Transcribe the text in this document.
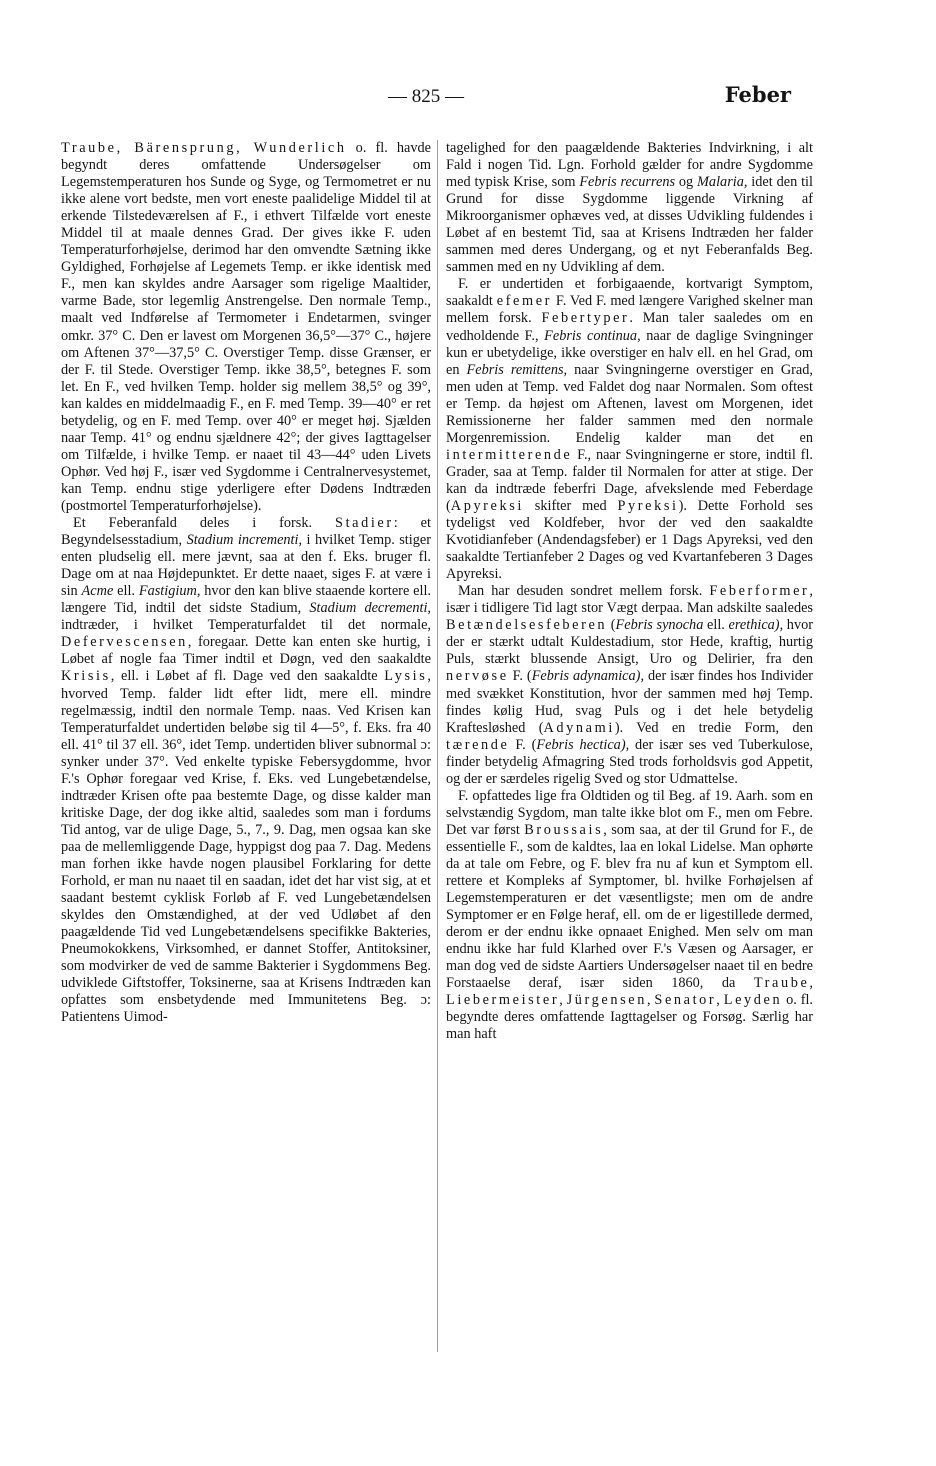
— 825 —	Feber

Traube, Bärensprung, Wunderlich o. fl. havde begyndt deres omfattende Undersøgelser om Legemstemperaturen hos Sunde og Syge, og Termometret er nu ikke alene vort bedste, men vort eneste paalidelige Middel til at erkende Tilstedeværelsen af F., i ethvert Tilfælde vort eneste Middel til at maale dennes Grad. Der gives ikke F. uden Temperaturforhøjelse, derimod har den omvendte Sætning ikke Gyldighed, Forhøjelse af Legemets Temp. er ikke identisk med F., men kan skyldes andre Aarsager som rigelige Maaltider, varme Bade, stor legemlig Anstrengelse. Den normale Temp., maalt ved Indførelse af Termometer i Endetarmen, svinger omkr. 37° C. Den er lavest om Morgenen 36,5°—37° C., højere om Aftenen 37°—37,5° C. Overstiger Temp. disse Grænser, er der F. til Stede. Overstiger Temp. ikke 38,5°, betegnes F. som let. En F., ved hvilken Temp. holder sig mellem 38,5° og 39°, kan kaldes en middelmaadig F., en F. med Temp. 39—40° er ret betydelig, og en F. med Temp. over 40° er meget høj. Sjælden naar Temp. 41° og endnu sjældnere 42°; der gives Iagttagelser om Tilfælde, i hvilke Temp. er naaet til 43—44° uden Livets Ophør. Ved høj F., især ved Sygdomme i Centralnervesystemet, kan Temp. endnu stige yderligere efter Dødens Indtræden (postmortel Temperaturforhøjelse).

Et Feberanfald deles i forsk. Stadier: et Begyndelsesstadium, Stadium incrementi, i hvilket Temp. stiger enten pludselig ell. mere jævnt, saa at den f. Eks. bruger fl. Dage om at naa Højdepunktet. Er dette naaet, siges F. at være i sin Acme ell. Fastigium, hvor den kan blive staaende kortere ell. længere Tid, indtil det sidste Stadium, Stadium decrementi, indtræder, i hvilket Temperaturfaldet til det normale, Defervescensen, foregaar. Dette kan enten ske hurtig, i Løbet af nogle faa Timer indtil et Døgn, ved den saakaldte Krisis, ell. i Løbet af fl. Dage ved den saakaldte Lysis, hvorved Temp. falder lidt efter lidt, mere ell. mindre regelmæssig, indtil den normale Temp. naas. Ved Krisen kan Temperaturfaldet undertiden beløbe sig til 4—5°, f. Eks. fra 40 ell. 41° til 37 ell. 36°, idet Temp. undertiden bliver subnormal ɔ: synker under 37°. Ved enkelte typiske Febersygdomme, hvor F.'s Ophør foregaar ved Krise, f. Eks. ved Lungebetændelse, indtræder Krisen ofte paa bestemte Dage, og disse kalder man kritiske Dage, der dog ikke altid, saaledes som man i fordums Tid antog, var de ulige Dage, 5., 7., 9. Dag, men ogsaa kan ske paa de mellemliggende Dage, hyppigst dog paa 7. Dag. Medens man forhen ikke havde nogen plausibel Forklaring for dette Forhold, er man nu naaet til en saadan, idet det har vist sig, at et saadant bestemt cyklisk Forløb af F. ved Lungebetændelsen skyldes den Omstændighed, at der ved Udløbet af den paagældende Tid ved Lungebetændelsens specifikke Bakteries, Pneumokokkens, Virksomhed, er dannet Stoffer, Antitoksiner, som modvirker de ved de samme Bakterier i Sygdommens Beg. udviklede Giftstoffer, Toksinerne, saa at Krisens Indtræden kan opfattes som ensbetydende med Immunitetens Beg. ɔ: Patientens Uimod-

tagelighed for den paagældende Bakteries Indvirkning, i alt Fald i nogen Tid. Lgn. Forhold gælder for andre Sygdomme med typisk Krise, som Febris recurrens og Malaria, idet den til Grund for disse Sygdomme liggende Virkning af Mikroorganismer ophæves ved, at disses Udvikling fuldendes i Løbet af en bestemt Tid, saa at Krisens Indtræden her falder sammen med deres Undergang, og et nyt Feberanfalds Beg. sammen med en ny Udvikling af dem.

F. er undertiden et forbigaaende, kortvarigt Symptom, saakaldt efemer F. Ved F. med længere Varighed skelner man mellem forsk. Febertyper. Man taler saaledes om en vedholdende F., Febris continua, naar de daglige Svingninger kun er ubetydelige, ikke overstiger en halv ell. en hel Grad, om en Febris remittens, naar Svingningerne overstiger en Grad, men uden at Temp. ved Faldet dog naar Normalen. Som oftest er Temp. da højest om Aftenen, lavest om Morgenen, idet Remissionerne her falder sammen med den normale Morgenremission. Endelig kalder man det en intermitterende F., naar Svingningerne er store, indtil fl. Grader, saa at Temp. falder til Normalen for atter at stige. Der kan da indtræde feberfri Dage, afvekslende med Feberdage (Apyreksi skifter med Pyreksi). Dette Forhold ses tydeligst ved Koldfeber, hvor der ved den saakaldte Kvotidianfeber (Andendagsfeber) er 1 Dags Apyreksi, ved den saakaldte Tertianfeber 2 Dages og ved Kvartanfeberen 3 Dages Apyreksi.

Man har desuden sondret mellem forsk. Feberformer, især i tidligere Tid lagt stor Vægt derpaa. Man adskilte saaledes Betændelsesfeberen (Febris synocha ell. erethica), hvor der er stærkt udtalt Kuldestadium, stor Hede, kraftig, hurtig Puls, stærkt blussende Ansigt, Uro og Delirier, fra den nervøse F. (Febris adynamica), der især findes hos Individer med svækket Konstitution, hvor der sammen med høj Temp. findes kølig Hud, svag Puls og i det hele betydelig Kraftesløshed (Adynami). Ved en tredie Form, den tærende F. (Febris hectica), der især ses ved Tuberkulose, finder betydelig Afmagring Sted trods forholdsvis god Appetit, og der er særdeles rigelig Sved og stor Udmattelse.

F. opfattedes lige fra Oldtiden og til Beg. af 19. Aarh. som en selvstændig Sygdom, man talte ikke blot om F., men om Febre. Det var først Broussais, som saa, at der til Grund for F., de essentielle F., som de kaldtes, laa en lokal Lidelse. Man ophørte da at tale om Febre, og F. blev fra nu af kun et Symptom ell. rettere et Kompleks af Symptomer, bl. hvilke Forhøjelsen af Legemstemperaturen er det væsentligste; men om de andre Symptomer er en Følge heraf, ell. om de er ligestillede dermed, derom er der endnu ikke opnaaet Enighed. Men selv om man endnu ikke har fuld Klarhed over F.'s Væsen og Aarsager, er man dog ved de sidste Aartiers Undersøgelser naaet til en bedre Forstaaelse deraf, især siden 1860, da Traube, Liebermeister, Jürgensen, Senator, Leyden o. fl. begyndte deres omfattende Iagttagelser og Forsøg. Særlig har man haft
